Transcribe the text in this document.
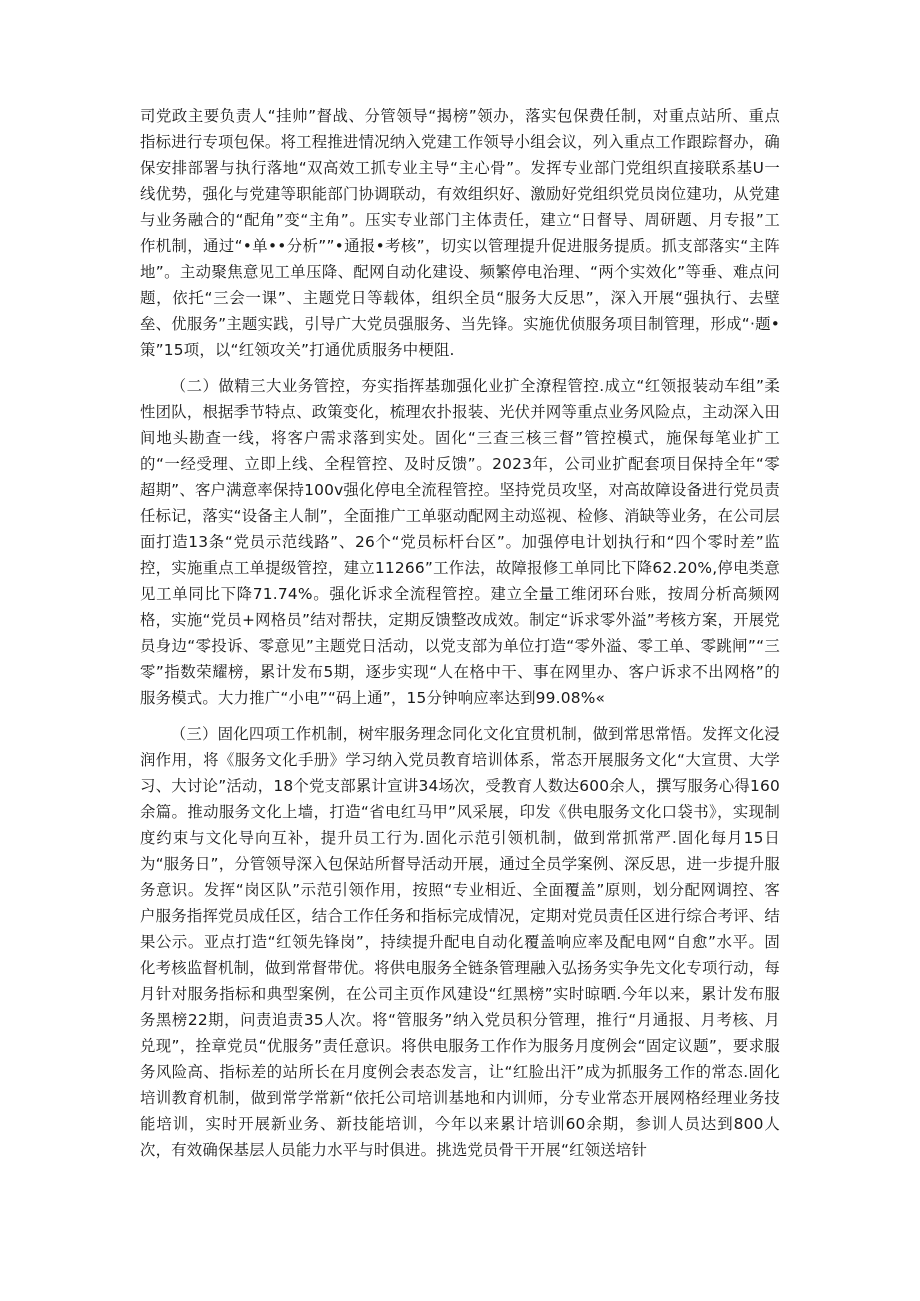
司党政主要负责人“挂帅”督战、分管领导“揭榜”领办，落实包保费任制，对重点站所、重点指标进行专项包保。将工程推进情况纳入党建工作领导小组会议，列入重点工作跟踪督办，确保安排部署与执行落地“双高效工抓专业主导“主心骨”。发挥专业部门党组织直接联系基U一线优势，强化与党建等职能部门协调联动，有效组织好、激励好党组织党员岗位建功，从党建与业务融合的“配角”变“主角”。压实专业部门主体责任，建立“日督导、周研题、月专报”工作机制，通过“•单••分析””•通报•考核”，切实以管理提升促进服务提质。抓支部落实“主阵地”。主动聚焦意见工单压降、配网自动化建设、频繁停电治理、“两个实效化”等垂、难点问题，依托“三会一课”、主题党日等载体，组织全员“服务大反思”，深入开展“强执行、去壁垒、优服务”主题实践，引导广大党员强服务、当先锋。实施优侦服务项目制管理，形成“·题•策”15项，以“红领攻关”打通优质服务中梗阻.

（二）做精三大业务管控，夯实指挥基珈强化业扩全潦程管控.成立“红领报装动车组”柔性团队，根据季节特点、政策变化，梳理农扑报装、光伏并网等重点业务风险点，主动深入田间地头勘查一线，将客户需求落到实处。固化“三查三核三督”管控模式，施保每笔业扩工的“一经受理、立即上线、全程管控、及时反馈”。2023年，公司业扩配套项目保持全年“零超期”、客户满意率保持100v强化停电全流程管控。坚持党员攻坚，对高故障设备进行党员责任标记，落实“设备主人制”，全面推广工单驱动配网主动巡视、检修、消缺等业务，在公司层面打造13条“党员示范线路”、26个“党员标杆台区”。加强停电计划执行和“四个零时差”监控，实施重点工单提级管控，建立11266”工作法，故障报修工单同比下降62.20%,停电类意见工单同比下降71.74%。强化诉求全流程管控。建立全量工维闭环台账，按周分析高频网格，实施“党员+网格员”结对帮扶，定期反馈整改成效。制定“诉求零外溢”考核方案，开展党员身边“零投诉、零意见”主题党日活动，以党支部为单位打造“零外溢、零工单、零跳闸”“三零”指数荣耀榜，累计发布5期，逐步实现“人在格中干、事在网里办、客户诉求不出网格”的服务模式。大力推广“小电”“码上通”，15分钟响应率达到99.08%«

（三）固化四项工作机制，树牢服务理念同化文化宜贯机制，做到常思常悟。发挥文化浸润作用，将《服务文化手册》学习纳入党员教育培训体系，常态开展服务文化“大宣贯、大学习、大讨论”活动，18个党支部累计宣讲34场次，受教育人数达600余人，撰写服务心得160余篇。推动服务文化上墙，打造“省电红马甲”风采展，印发《供电服务文化口袋书》，实现制度约束与文化导向互补，提升员工行为.固化示范引领机制，做到常抓常严.固化每月15日为“服务日”，分管领导深入包保站所督导活动开展，通过全员学案例、深反思，进一步提升服务意识。发挥“岗区队”示范引领作用，按照“专业相近、全面覆盖”原则，划分配网调控、客户服务指挥党员成任区，结合工作任务和指标完成情况，定期对党员责任区进行综合考评、结果公示。亚点打造“红领先锋岗”，持续提升配电自动化覆盖响应率及配电网“自愈”水平。固化考核监督机制，做到常督带优。将供电服务全链条管理融入弘扬务实争先文化专项行动，每月针对服务指标和典型案例，在公司主页作风建设“红黑榜”实时晾晒.今年以来，累计发布服务黑榜22期，问责追责35人次。将“管服务”纳入党员积分管理，推行“月通报、月考核、月兑现”，拴章党员“优服务”责任意识。将供电服务工作作为服务月度例会“固定议题”，要求服务风险高、指标差的站所长在月度例会表态发言，让“红脸出汗”成为抓服务工作的常态.固化培训教育机制，做到常学常新“依托公司培训基地和内训师，分专业常态开展网格经理业务技能培训，实时开展新业务、新技能培训，今年以来累计培训60余期，参训人员达到800人次，有效确保基层人员能力水平与时俱进。挑选党员骨干开展“红领送培针
